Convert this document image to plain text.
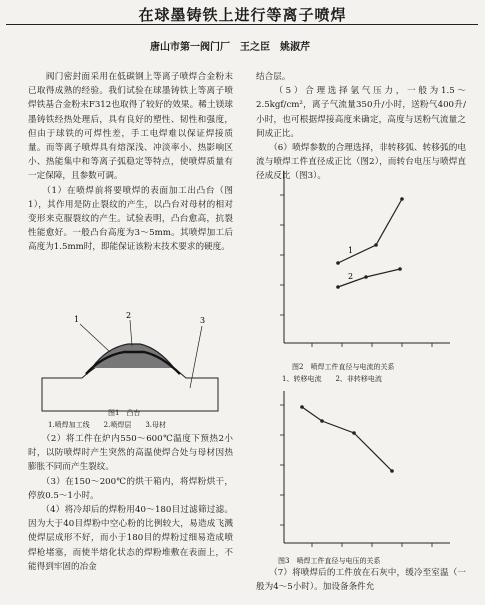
在球墨铸铁上进行等离子喷焊
唐山市第一阀门厂　王之臣　姚淑芹

　　阀门密封面采用在低碳钢上等离子喷焊合金粉末已取得成熟的经验。我们试验在球墨铸铁上等离子喷焊铁基合金粉末F312也取得了较好的效果。稀土镁球墨铸铁经热处理后，具有良好的塑性、韧性和强度，但由于球铁的可焊性差，手工电焊难以保证焊接质量。而等离子喷焊具有熔深浅、冲淡率小、热影响区小、热能集中和等离子弧稳定等特点，使喷焊质量有一定保障，且参数可调。

　　（1）在喷焊前将要喷焊的表面加工出凸台（图1），其作用是防止裂纹的产生，以凸台对母材的相对变形来克服裂纹的产生。试验表明，凸台愈高，抗裂性能愈好。一般凸台高度为3～5mm。其喷焊加工后高度为1.5mm时，即能保证该粉末技术要求的硬度。

1	2
3
图1　凸台
1.喷焊加工线　　2.喷焊层　　3.母材

　　（2）将工件在炉内550～600℃温度下预热2小时，以防喷焊时产生突然的高温使焊合处与母材因热膨胀不同而产生裂纹。

　　（3）在150～200℃的烘干箱内，将焊粉烘干，停放0.5～1小时。

　　（4）将冷却后的焊粉用40～180目过滤筛过滤。因为大于40目焊粉中空心粉的比例较大，易造成飞溅使焊层成形不好，而小于180目的焊粉过细易造成喷焊枪堵塞，而使半熔化状态的焊粉堆敷在表面上，不能得到牢固的冶金

结合层。

　　（5）合理选择氩气压力，一般为1.5～2.5kgf/cm²，离子气流量350升/小时，送粉气400升/小时，也可根据焊接高度来确定，高度与送粉气流量之间成正比。

　　（6）喷焊参数的合理选择，非转移弧、转移弧的电流与喷焊工件直径成正比（图2），而转台电压与喷焊直径成反比（图3）。

1
2
图2　喷焊工件直径与电流的关系
1、转移电流　　2、非转移电流
图3　喷焊工件直径与电压的关系

　　（7）将喷焊后的工件放在石灰中，缓冷至室温（一般为4～5小时）。加设备条件允
